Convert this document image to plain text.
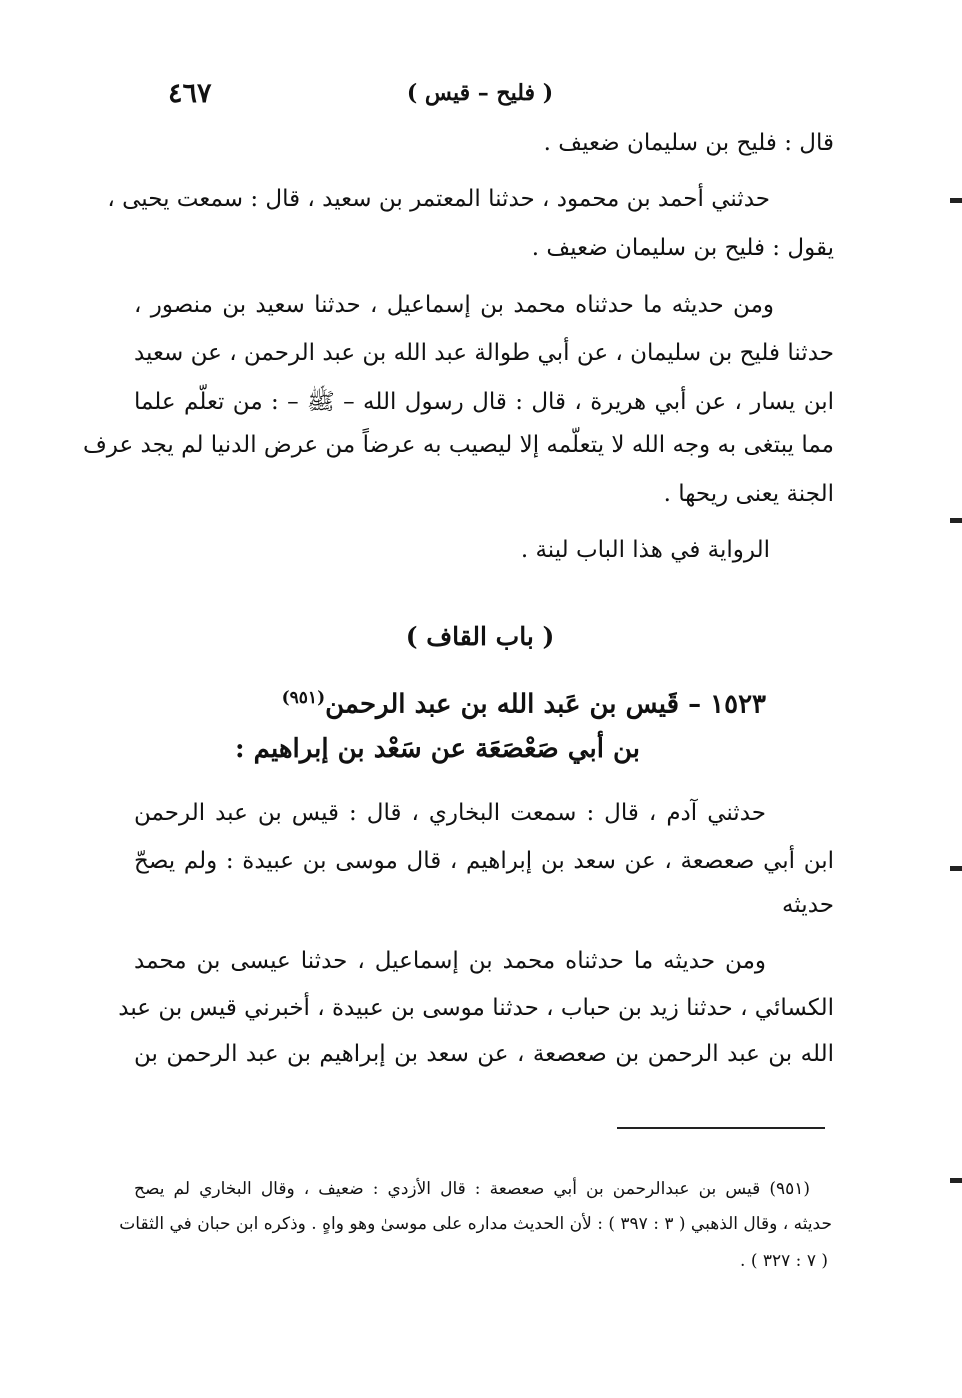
٤٦٧	( فليح – قيس )
قال : فليح بن سليمان ضعيف .
حدثني أحمد بن محمود ، حدثنا المعتمر بن سعيد ، قال : سمعت يحيى ،
يقول : فليح بن سليمان ضعيف .
ومن حديثه ما حدثناه محمد بن إسماعيل ، حدثنا سعيد بن منصور ،
حدثنا فليح بن سليمان ، عن أبي طوالة عبد الله بن عبد الرحمن ، عن سعيد
ابن يسار ، عن أبي هريرة ، قال : قال رسول الله – ﷺ – : من تعلّم علما
مما يبتغى به وجه الله لا يتعلّمه إلا ليصيب به عرضاً من عرض الدنيا لم يجد عرف
الجنة يعنى ريحها .
الرواية في هذا الباب لينة .
( باب القاف )
١٥٢٣ – قَيس بن عَبد الله بن عبد الرحمن$^{(٩٥١)}$
بن أبي صَعْصَعَة عن سَعْد بن إبراهيم :
حدثني آدم ، قال : سمعت البخاري ، قال : قيس بن عبد الرحمن
ابن أبي صعصعة ، عن سعد بن إبراهيم ، قال موسى بن عبيدة : ولم يصحّ
حديثه
ومن حديثه ما حدثناه محمد بن إسماعيل ، حدثنا عيسى بن محمد
الكسائي ، حدثنا زيد بن حباب ، حدثنا موسى بن عبيدة ، أخبرني قيس بن عبد
الله بن عبد الرحمن بن صعصعة ، عن سعد بن إبراهيم بن عبد الرحمن بن
(٩٥١) قيس بن عبدالرحمن بن أبي صعصعة : قال الأزدي : ضعيف ، وقال البخاري لم يصح
حديثه ، وقال الذهبي ( ٣ : ٣٩٧ ) : لأن الحديث مداره على موسىٰ وهو واهٍ . وذكره ابن حبان في الثقات
( ٧ : ٣٢٧ ) .
